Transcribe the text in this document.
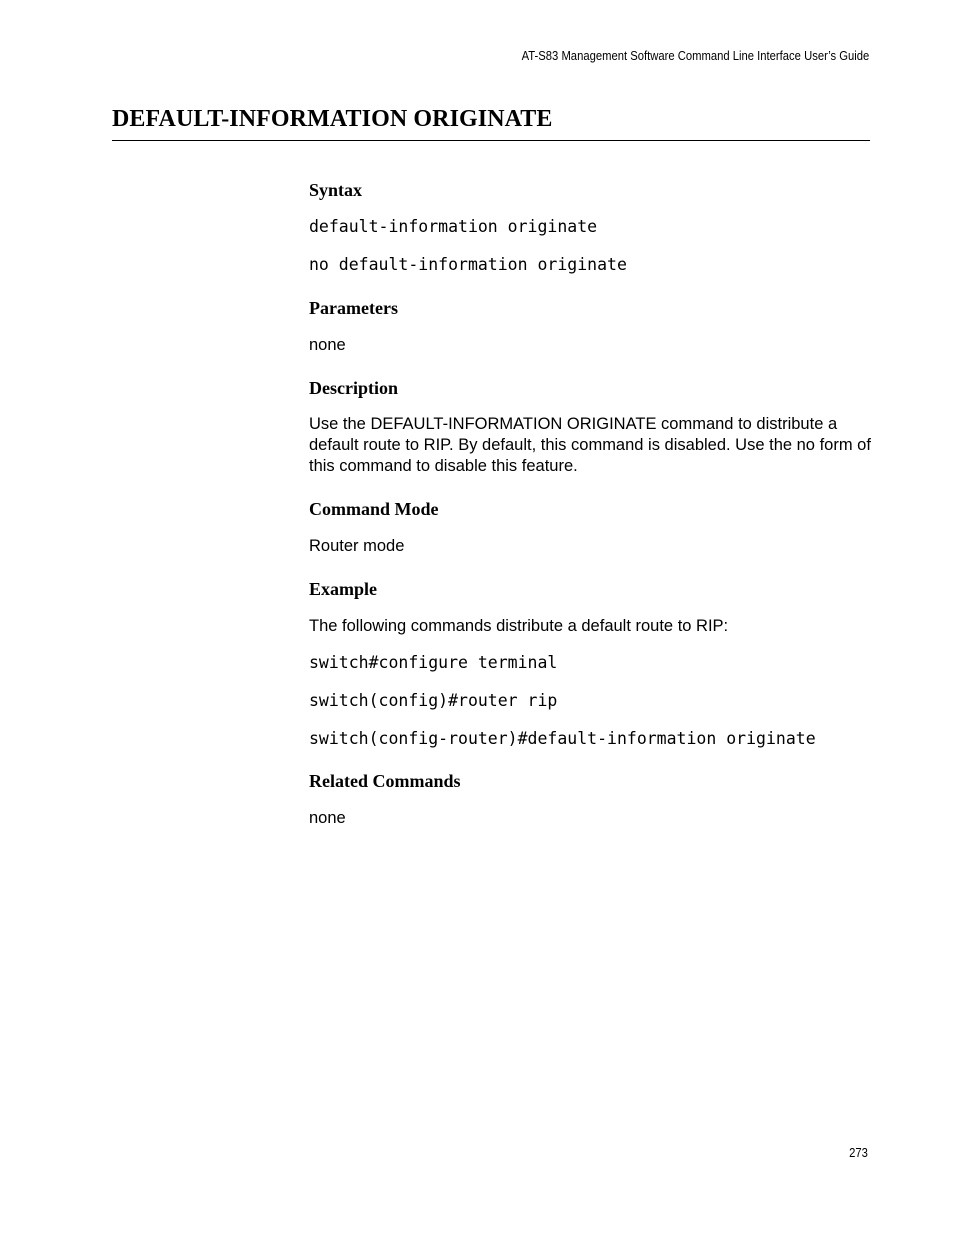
AT-S83 Management Software Command Line Interface User’s Guide
DEFAULT-INFORMATION ORIGINATE
Syntax

default-information originate

no default-information originate

Parameters

none

Description

Use the DEFAULT-INFORMATION ORIGINATE command to distribute a default route to RIP. By default, this command is disabled. Use the no form of this command to disable this feature.

Command Mode

Router mode

Example

The following commands distribute a default route to RIP:

switch#configure terminal

switch(config)#router rip

switch(config-router)#default-information originate

Related Commands

none

273
